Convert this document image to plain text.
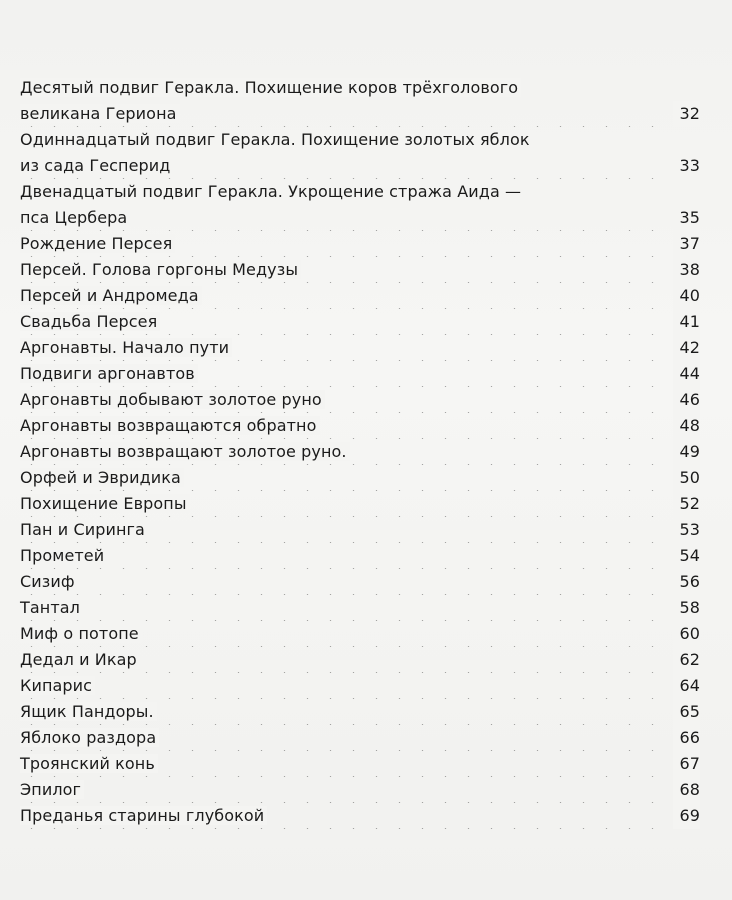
Десятый подвиг Геракла. Похищение коров трёхголового
великана Гериона	32
Одиннадцатый подвиг Геракла. Похищение золотых яблок
из сада Гесперид	33
Двенадцатый подвиг Геракла. Укрощение стража Аида —
пса Цербера	35
Рождение Персея	37
Персей. Голова горгоны Медузы	38
Персей и Андромеда	40
Свадьба Персея	41
Аргонавты. Начало пути	42
Подвиги аргонавтов	44
Аргонавты добывают золотое руно	46
Аргонавты возвращаются обратно	48
Аргонавты возвращают золотое руно.	49
Орфей и Эвридика	50
Похищение Европы	52
Пан и Сиринга	53
Прометей	54
Сизиф	56
Тантал	58
Миф о потопе	60
Дедал и Икар	62
Кипарис	64
Ящик Пандоры.	65
Яблоко раздора	66
Троянский конь	67
Эпилог	68
Преданья старины глубокой	69
